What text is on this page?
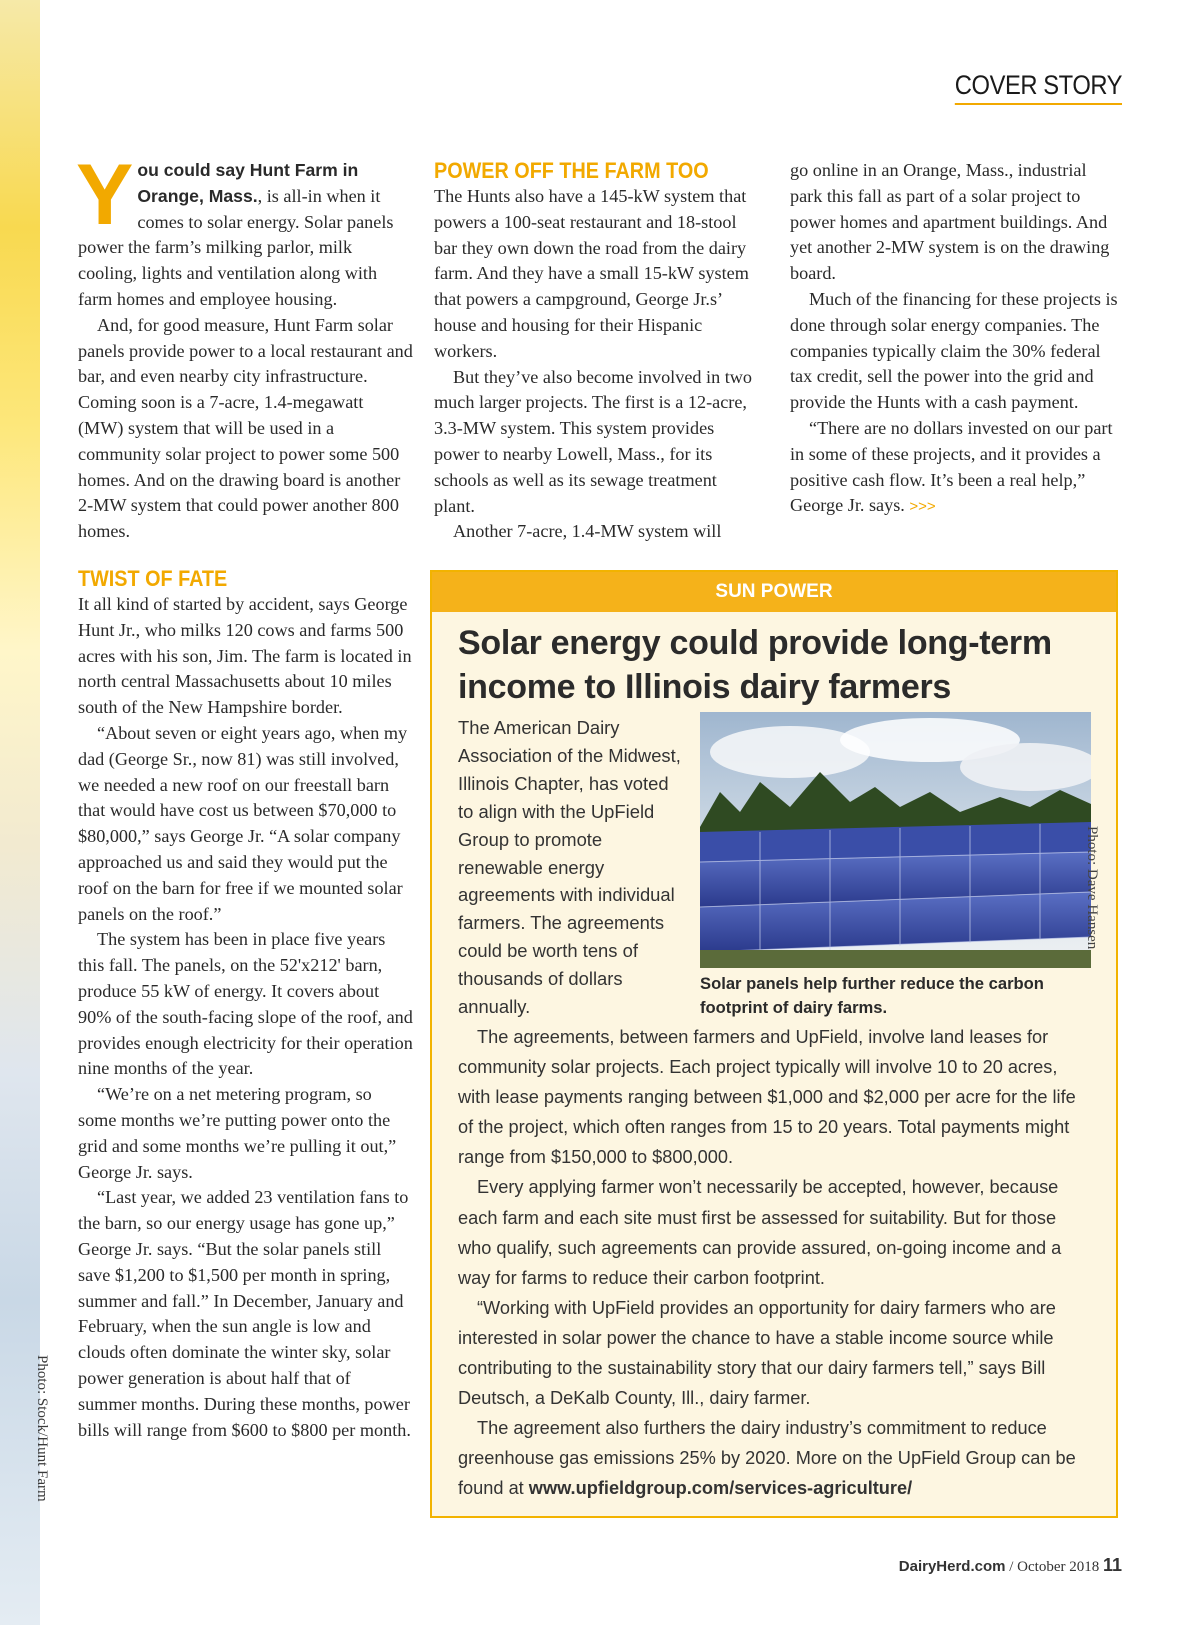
Photo: Stock/Hunt Farm
COVER STORY

You could say Hunt Farm in Orange, Mass., is all-in when it comes to solar energy. Solar panels power the farm’s milking parlor, milk cooling, lights and ventilation along with farm homes and employee housing.

And, for good measure, Hunt Farm solar panels provide power to a local restaurant and bar, and even nearby city infrastructure. Coming soon is a 7-acre, 1.4-megawatt (MW) system that will be used in a community solar project to power some 500 homes. And on the drawing board is another 2-MW system that could power another 800 homes.

TWIST OF FATE

It all kind of started by accident, says George Hunt Jr., who milks 120 cows and farms 500 acres with his son, Jim. The farm is located in north central Massachusetts about 10 miles south of the New Hampshire border.

“About seven or eight years ago, when my dad (George Sr., now 81) was still involved, we needed a new roof on our freestall barn that would have cost us between $70,000 to $80,000,” says George Jr. “A solar company approached us and said they would put the roof on the barn for free if we mounted solar panels on the roof.”

The system has been in place five years this fall. The panels, on the 52'x212' barn, produce 55 kW of energy. It covers about 90% of the south-facing slope of the roof, and provides enough electricity for their operation nine months of the year.

“We’re on a net metering program, so some months we’re putting power onto the grid and some months we’re pulling it out,” George Jr. says.

“Last year, we added 23 ventilation fans to the barn, so our energy usage has gone up,” George Jr. says. “But the solar panels still save $1,200 to $1,500 per month in spring, summer and fall.” In December, January and February, when the sun angle is low and clouds often dominate the winter sky, solar power generation is about half that of summer months. During these months, power bills will range from $600 to $800 per month.

POWER OFF THE FARM TOO

The Hunts also have a 145-kW system that powers a 100-seat restaurant and 18-stool bar they own down the road from the dairy farm. And they have a small 15-kW system that powers a campground, George Jr.s’ house and housing for their Hispanic workers.

But they’ve also become involved in two much larger projects. The first is a 12-acre, 3.3-MW system. This system provides power to nearby Lowell, Mass., for its schools as well as its sewage treatment plant.

Another 7-acre, 1.4-MW system will

go online in an Orange, Mass., industrial park this fall as part of a solar project to power homes and apartment buildings. And yet another 2-MW system is on the drawing board.

Much of the financing for these projects is done through solar energy companies. The companies typically claim the 30% federal tax credit, sell the power into the grid and provide the Hunts with a cash payment.

“There are no dollars invested on our part in some of these projects, and it provides a positive cash flow. It’s been a real help,” George Jr. says. >>>

SUN POWER
Solar energy could provide long-term income to Illinois dairy farmers
The American Dairy Association of the Midwest, Illinois Chapter, has voted to align with the UpField Group to promote renewable energy agreements with individual farmers. The agreements could be worth tens of thousands of dollars annually.
Photo: Dave Hansen
Solar panels help further reduce the carbon footprint of dairy farms.

The agreements, between farmers and UpField, involve land leases for community solar projects. Each project typically will involve 10 to 20 acres, with lease payments ranging between $1,000 and $2,000 per acre for the life of the project, which often ranges from 15 to 20 years. Total payments might range from $150,000 to $800,000.

Every applying farmer won’t necessarily be accepted, however, because each farm and each site must first be assessed for suitability. But for those who qualify, such agreements can provide assured, on-going income and a way for farms to reduce their carbon footprint.

“Working with UpField provides an opportunity for dairy farmers who are interested in solar power the chance to have a stable income source while contributing to the sustainability story that our dairy farmers tell,” says Bill Deutsch, a DeKalb County, Ill., dairy farmer.

The agreement also furthers the dairy industry’s commitment to reduce greenhouse gas emissions 25% by 2020. More on the UpField Group can be found at www.upfieldgroup.com/services-agriculture/

DairyHerd.com / October 2018 11
